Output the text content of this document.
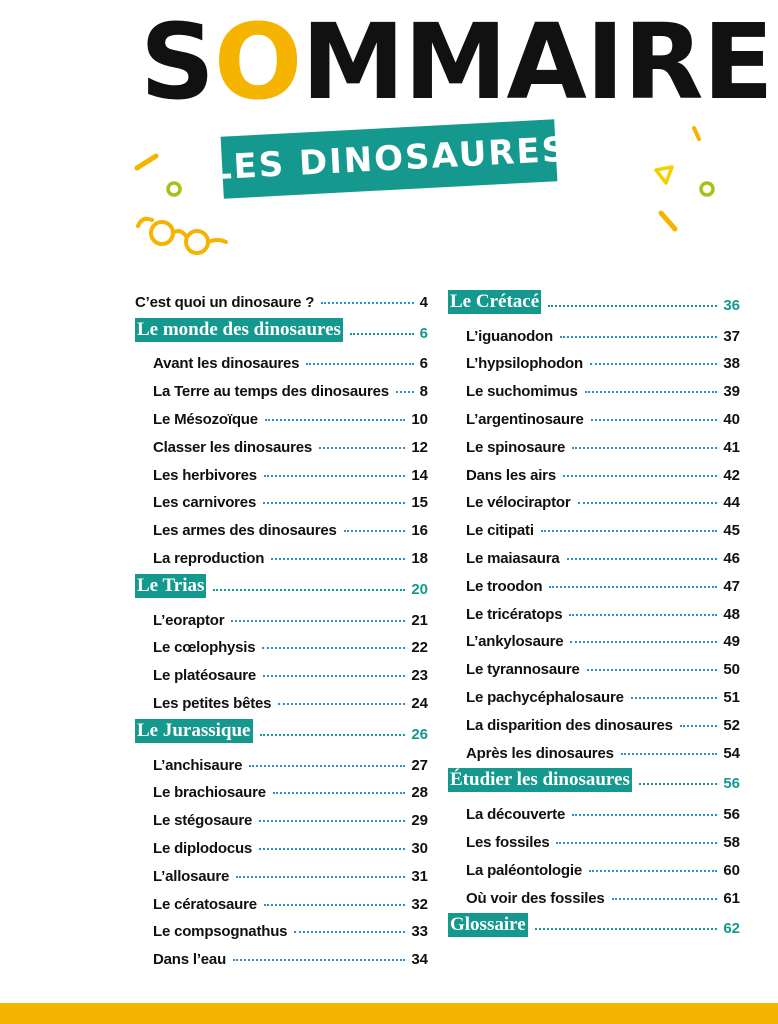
SOMMAIRE
LES DINOSAURES
C’est quoi un dinosaure ?	4
Le monde des dinosaures	6
Avant les dinosaures	6
La Terre au temps des dinosaures 8
Le Mésozoïque	10
Classer les dinosaures	12
Les herbivores	14
Les carnivores	15
Les armes des dinosaures	16
La reproduction	18
Le Trias	20
L’eoraptor	21
Le cœlophysis	22
Le platéosaure	23
Les petites bêtes	24
Le Jurassique	26
L’anchisaure	27
Le brachiosaure	28
Le stégosaure	29
Le diplodocus	30
L’allosaure	31
Le cératosaure	32
Le compsognathus	33
Dans l’eau	34
Le Crétacé	36
L’iguanodon	37
L’hypsilophodon	38
Le suchomimus	39
L’argentinosaure	40
Le spinosaure	41
Dans les airs	42
Le vélociraptor	44
Le citipati	45
Le maiasaura	46
Le troodon	47
Le tricératops	48
L’ankylosaure	49
Le tyrannosaure	50
Le pachycéphalosaure	51
La disparition des dinosaures	52
Après les dinosaures	54
Étudier les dinosaures	56
La découverte	56
Les fossiles	58
La paléontologie	60
Où voir des fossiles	61
Glossaire	62
